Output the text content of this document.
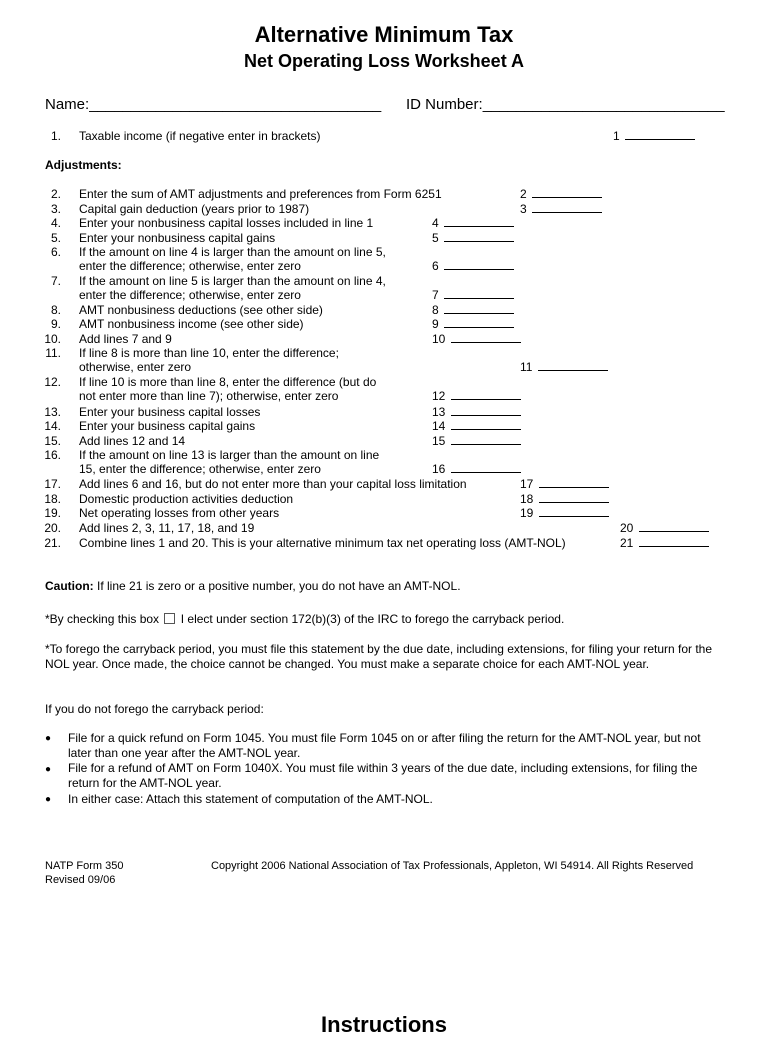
Alternative Minimum Tax
Net Operating Loss Worksheet A
Name:___________________________________ ID Number:_____________________________
1. Taxable income (if negative enter in brackets)	1
Adjustments:
2. Enter the sum of AMT adjustments and preferences from Form 6251	2
3. Capital gain deduction (years prior to 1987)	3
4. Enter your nonbusiness capital losses included in line 1	4
5. Enter your nonbusiness capital gains	5
6. If the amount on line 4 is larger than the amount on line 5,
enter the difference; otherwise, enter zero	6
7. If the amount on line 5 is larger than the amount on line 4,
enter the difference; otherwise, enter zero	7
8. AMT nonbusiness deductions (see other side)	8
9. AMT nonbusiness income (see other side)	9
10. Add lines 7 and 9	10
11. If line 8 is more than line 10, enter the difference;
otherwise, enter zero	11
12. If line 10 is more than line 8, enter the difference (but do
not enter more than line 7); otherwise, enter zero	12
13. Enter your business capital losses	13
14. Enter your business capital gains	14
15. Add lines 12 and 14	15
16. If the amount on line 13 is larger than the amount on line
15, enter the difference; otherwise, enter zero	16
17. Add lines 6 and 16, but do not enter more than your capital loss limitation	17
18. Domestic production activities deduction	18
19. Net operating losses from other years	19
20. Add lines 2, 3, 11, 17, 18, and 19	20
21. Combine lines 1 and 20. This is your alternative minimum tax net operating loss (AMT-NOL)	21
Caution: If line 21 is zero or a positive number, you do not have an AMT-NOL.
*By checking this box I elect under section 172(b)(3) of the IRC to forego the carryback period.
*To forego the carryback period, you must file this statement by the due date, including extensions, for filing your return for the NOL year. Once made, the choice cannot be changed. You must make a separate choice for each AMT-NOL year.
If you do not forego the carryback period:
● File for a quick refund on Form 1045. You must file Form 1045 on or after filing the return for the AMT-NOL year, but not later than one year after the AMT-NOL year.
● File for a refund of AMT on Form 1040X. You must file within 3 years of the due date, including extensions, for filing the return for the AMT-NOL year.
● In either case: Attach this statement of computation of the AMT-NOL.
NATP Form 350
Revised 09/06
Copyright 2006 National Association of Tax Professionals, Appleton, WI 54914. All Rights Reserved
Instructions
